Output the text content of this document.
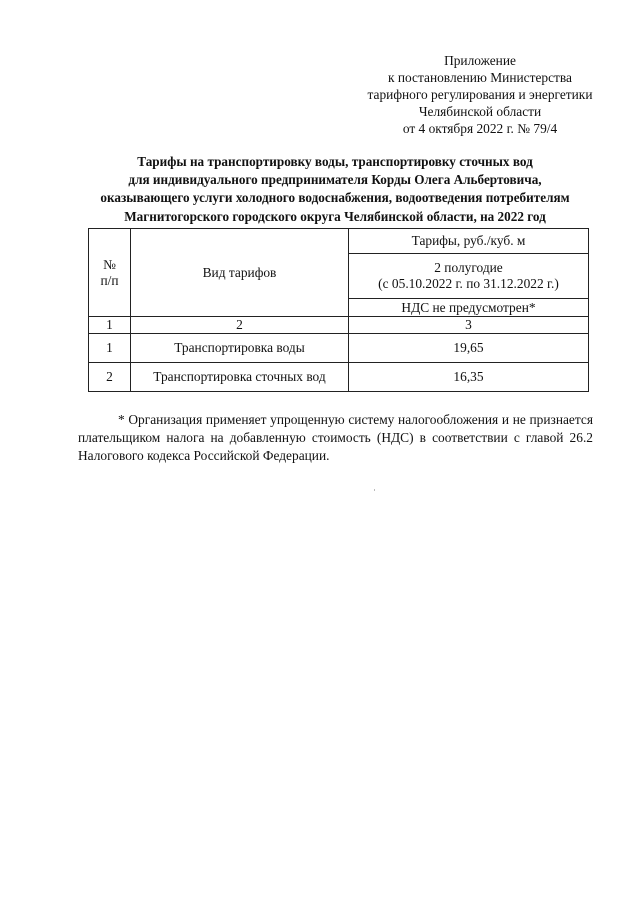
Приложение
к постановлению Министерства
тарифного регулирования и энергетики
Челябинской области
от 4 октября 2022 г. № 79/4
Тарифы на транспортировку воды, транспортировку сточных вод
для индивидуального предпринимателя Корды Олега Альбертовича,
оказывающего услуги холодного водоснабжения, водоотведения потребителям
Магнитогорского городского округа Челябинской области, на 2022 год
№
п/п	Вид тарифов	Тарифы, руб./куб. м

		2 полугодие
(с 05.10.2022 г. по 31.12.2022 г.)

		НДС не предусмотрен*
1	2	3
1	Транспортировка воды	19,65
2	Транспортировка сточных вод	16,35
* Организация применяет упрощенную систему налогообложения и не признается плательщиком налога на добавленную стоимость (НДС) в соответствии с главой 26.2 Налогового кодекса Российской Федерации.
